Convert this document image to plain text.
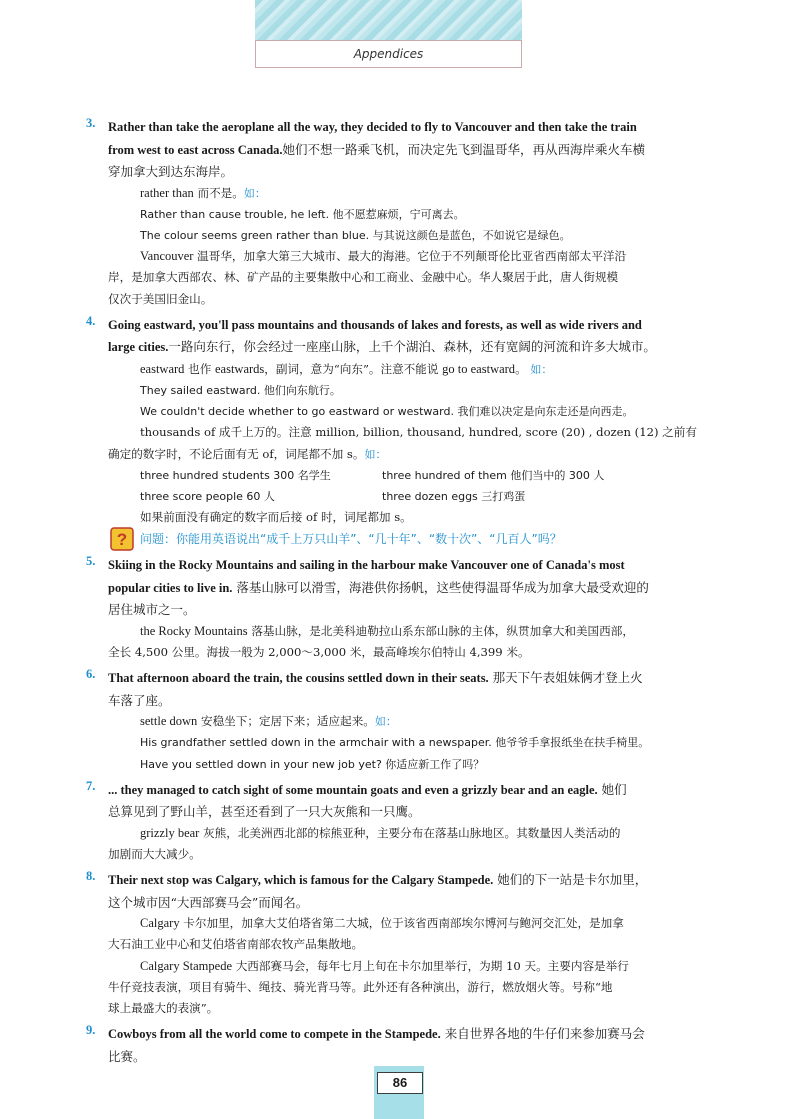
Appendices
3.	Rather than take the aeroplane all the way, they decided to fly to Vancouver and then take the train
from west to east across Canada.她们不想一路乘飞机，而决定先飞到温哥华，再从西海岸乘火车横
穿加拿大到达东海岸。
rather than 而不是。如：
Rather than cause trouble, he left. 他不愿惹麻烦，宁可离去。
The colour seems green rather than blue. 与其说这颜色是蓝色，不如说它是绿色。
Vancouver 温哥华，加拿大第三大城市、最大的海港。它位于不列颠哥伦比亚省西南部太平洋沿
岸，是加拿大西部农、林、矿产品的主要集散中心和工商业、金融中心。华人聚居于此，唐人街规模
仅次于美国旧金山。
4.	Going eastward, you'll pass mountains and thousands of lakes and forests, as well as wide rivers and
large cities.一路向东行，你会经过一座座山脉，上千个湖泊、森林，还有宽阔的河流和许多大城市。
eastward 也作 eastwards，副词，意为“向东”。注意不能说 go to eastward。 如：
They sailed eastward. 他们向东航行。
We couldn't decide whether to go eastward or westward. 我们难以决定是向东走还是向西走。
thousands of 成千上万的。注意 million, billion, thousand, hundred, score (20) , dozen (12) 之前有
确定的数字时，不论后面有无 of，词尾都不加 s。如：
three hundred students 300 名学生	three hundred of them 他们当中的 300 人
three score people 60 人	three dozen eggs 三打鸡蛋
如果前面没有确定的数字而后接 of 时，词尾都加 s。
? 问题：你能用英语说出“成千上万只山羊”、“几十年”、“数十次”、“几百人”吗？
5.	Skiing in the Rocky Mountains and sailing in the harbour make Vancouver one of Canada's most
popular cities to live in. 落基山脉可以滑雪，海港供你扬帆，这些使得温哥华成为加拿大最受欢迎的
居住城市之一。
the Rocky Mountains 落基山脉，是北美科迪勒拉山系东部山脉的主体，纵贯加拿大和美国西部，
全长 4,500 公里。海拔一般为 2,000～3,000 米，最高峰埃尔伯特山 4,399 米。
6.	That afternoon aboard the train, the cousins settled down in their seats. 那天下午表姐妹俩才登上火
车落了座。
settle down 安稳坐下；定居下来；适应起来。如：
His grandfather settled down in the armchair with a newspaper. 他爷爷手拿报纸坐在扶手椅里。
Have you settled down in your new job yet? 你适应新工作了吗？
7.	... they managed to catch sight of some mountain goats and even a grizzly bear and an eagle. 她们
总算见到了野山羊，甚至还看到了一只大灰熊和一只鹰。
grizzly bear 灰熊，北美洲西北部的棕熊亚种，主要分布在落基山脉地区。其数量因人类活动的
加剧而大大减少。
8.	Their next stop was Calgary, which is famous for the Calgary Stampede. 她们的下一站是卡尔加里，
这个城市因“大西部赛马会”而闻名。
Calgary 卡尔加里，加拿大艾伯塔省第二大城，位于该省西南部埃尔博河与鲍河交汇处，是加拿
大石油工业中心和艾伯塔省南部农牧产品集散地。
Calgary Stampede 大西部赛马会，每年七月上旬在卡尔加里举行，为期 10 天。主要内容是举行
牛仔竞技表演，项目有骑牛、绳技、骑光背马等。此外还有各种演出，游行，燃放烟火等。号称“地
球上最盛大的表演”。
9.	Cowboys from all the world come to compete in the Stampede. 来自世界各地的牛仔们来参加赛马会
比赛。
86
